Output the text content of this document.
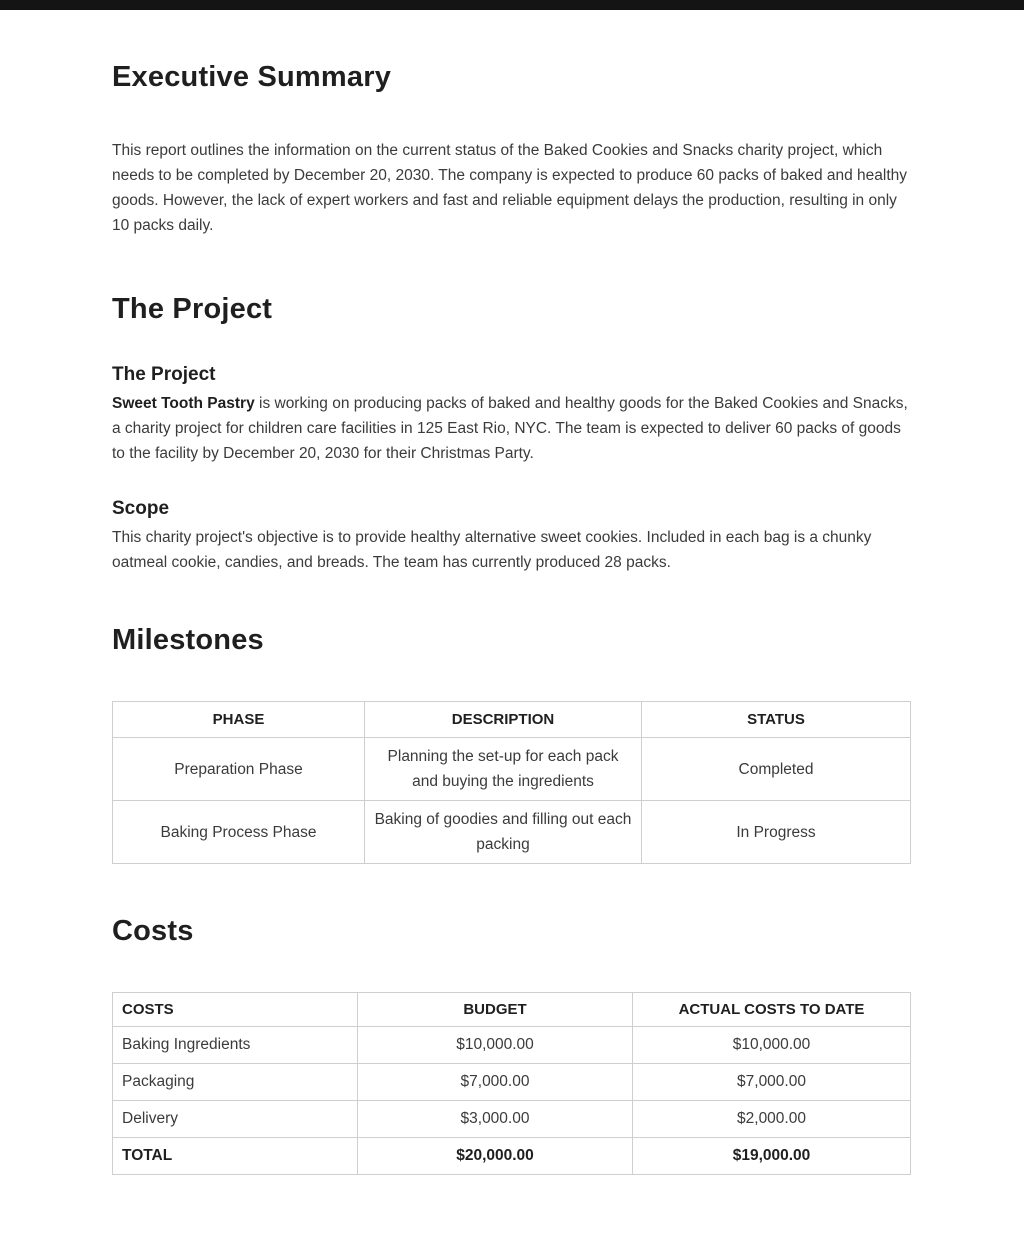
Executive Summary

This report outlines the information on the current status of the Baked Cookies and Snacks charity project, which needs to be completed by December 20, 2030. The company is expected to produce 60 packs of baked and healthy goods. However, the lack of expert workers and fast and reliable equipment delays the production, resulting in only 10 packs daily.

The Project
The Project

Sweet Tooth Pastry is working on producing packs of baked and healthy goods for the Baked Cookies and Snacks, a charity project for children care facilities in 125 East Rio, NYC. The team is expected to deliver 60 packs of goods to the facility by December 20, 2030 for their Christmas Party.

Scope

This charity project's objective is to provide healthy alternative sweet cookies. Included in each bag is a chunky oatmeal cookie, candies, and breads. The team has currently produced 28 packs.

Milestones
PHASE	DESCRIPTION	STATUS
Preparation Phase	Planning the set-up for each pack and buying the ingredients	Completed
Baking Process Phase	Baking of goodies and filling out each packing	In Progress
Costs
COSTS	BUDGET	ACTUAL COSTS TO DATE
Baking Ingredients	$10,000.00	$10,000.00
Packaging	$7,000.00	$7,000.00
Delivery	$3,000.00	$2,000.00
TOTAL	$20,000.00	$19,000.00
